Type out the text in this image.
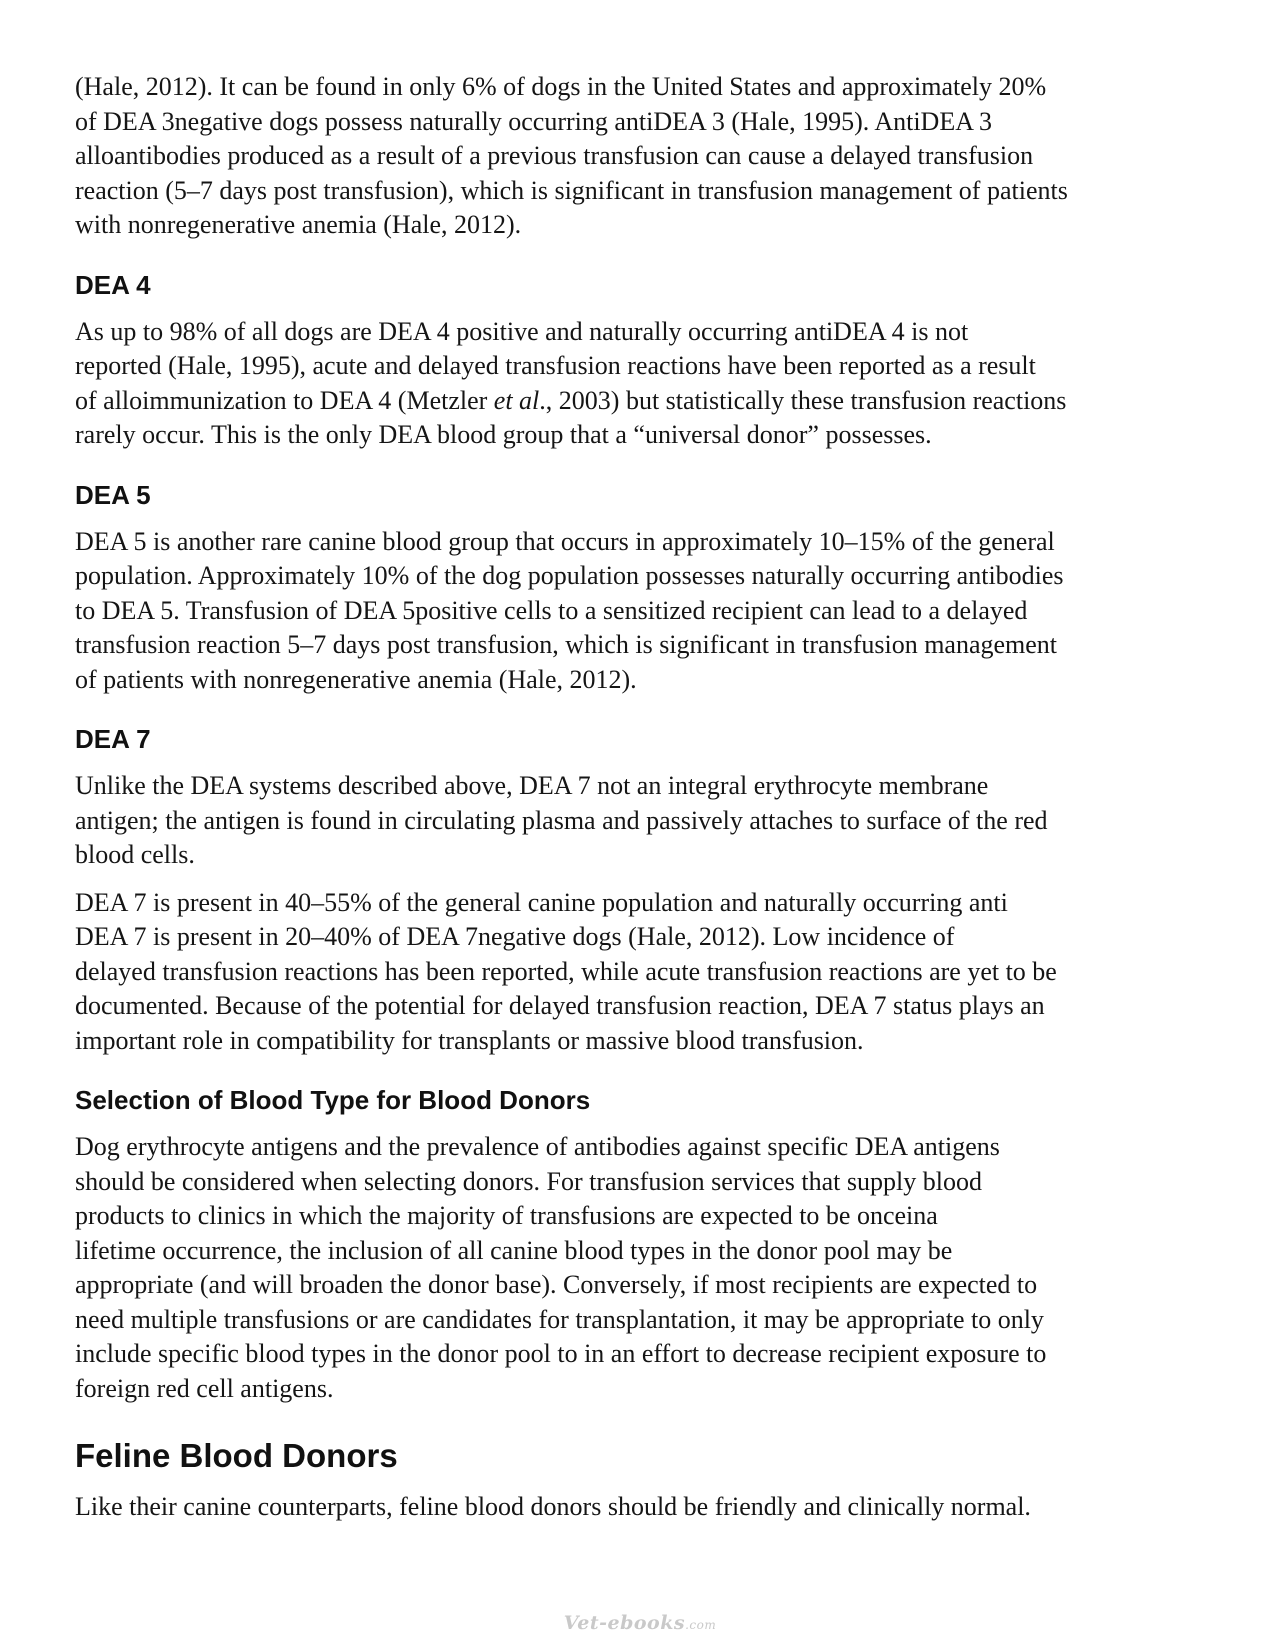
(Hale, 2012). It can be found in only 6% of dogs in the United States and approximately 20%
of DEA 3negative dogs possess naturally occurring antiDEA 3 (Hale, 1995). AntiDEA 3
alloantibodies produced as a result of a previous transfusion can cause a delayed transfusion
reaction (5–7 days post transfusion), which is significant in transfusion management of patients
with nonregenerative anemia (Hale, 2012).

DEA 4

As up to 98% of all dogs are DEA 4 positive and naturally occurring antiDEA 4 is not
reported (Hale, 1995), acute and delayed transfusion reactions have been reported as a result
of alloimmunization to DEA 4 (Metzler et al., 2003) but statistically these transfusion reactions
rarely occur. This is the only DEA blood group that a “universal donor” possesses.

DEA 5

DEA 5 is another rare canine blood group that occurs in approximately 10–15% of the general
population. Approximately 10% of the dog population possesses naturally occurring antibodies
to DEA 5. Transfusion of DEA 5positive cells to a sensitized recipient can lead to a delayed
transfusion reaction 5–7 days post transfusion, which is significant in transfusion management
of patients with nonregenerative anemia (Hale, 2012).

DEA 7

Unlike the DEA systems described above, DEA 7 not an integral erythrocyte membrane
antigen; the antigen is found in circulating plasma and passively attaches to surface of the red
blood cells.

DEA 7 is present in 40–55% of the general canine population and naturally occurring anti
DEA 7 is present in 20–40% of DEA 7negative dogs (Hale, 2012). Low incidence of
delayed transfusion reactions has been reported, while acute transfusion reactions are yet to be
documented. Because of the potential for delayed transfusion reaction, DEA 7 status plays an
important role in compatibility for transplants or massive blood transfusion.

Selection of Blood Type for Blood Donors

Dog erythrocyte antigens and the prevalence of antibodies against specific DEA antigens
should be considered when selecting donors. For transfusion services that supply blood
products to clinics in which the majority of transfusions are expected to be onceina
lifetime occurrence, the inclusion of all canine blood types in the donor pool may be
appropriate (and will broaden the donor base). Conversely, if most recipients are expected to
need multiple transfusions or are candidates for transplantation, it may be appropriate to only
include specific blood types in the donor pool to in an effort to decrease recipient exposure to
foreign red cell antigens.

Feline Blood Donors

Like their canine counterparts, feline blood donors should be friendly and clinically normal.

Vet-ebooks.com
